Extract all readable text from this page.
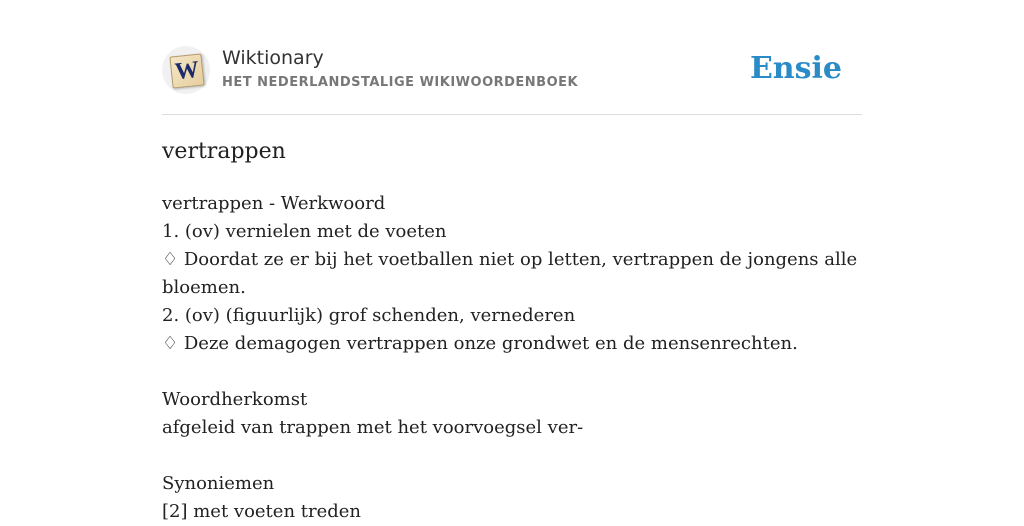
W Wiktionary
HET NEDERLANDSTALIGE WIKIWOORDENBOEK	Ensie
vertrappen

vertrappen - Werkwoord

1. (ov) vernielen met de voeten

♢ Doordat ze er bij het voetballen niet op letten, vertrappen de jongens alle bloemen.

2. (ov) (figuurlijk) grof schenden, vernederen

♢ Deze demagogen vertrappen onze grondwet en de mensenrechten.

Woordherkomst

afgeleid van trappen met het voorvoegsel ver-

Synoniemen

[2] met voeten treden
